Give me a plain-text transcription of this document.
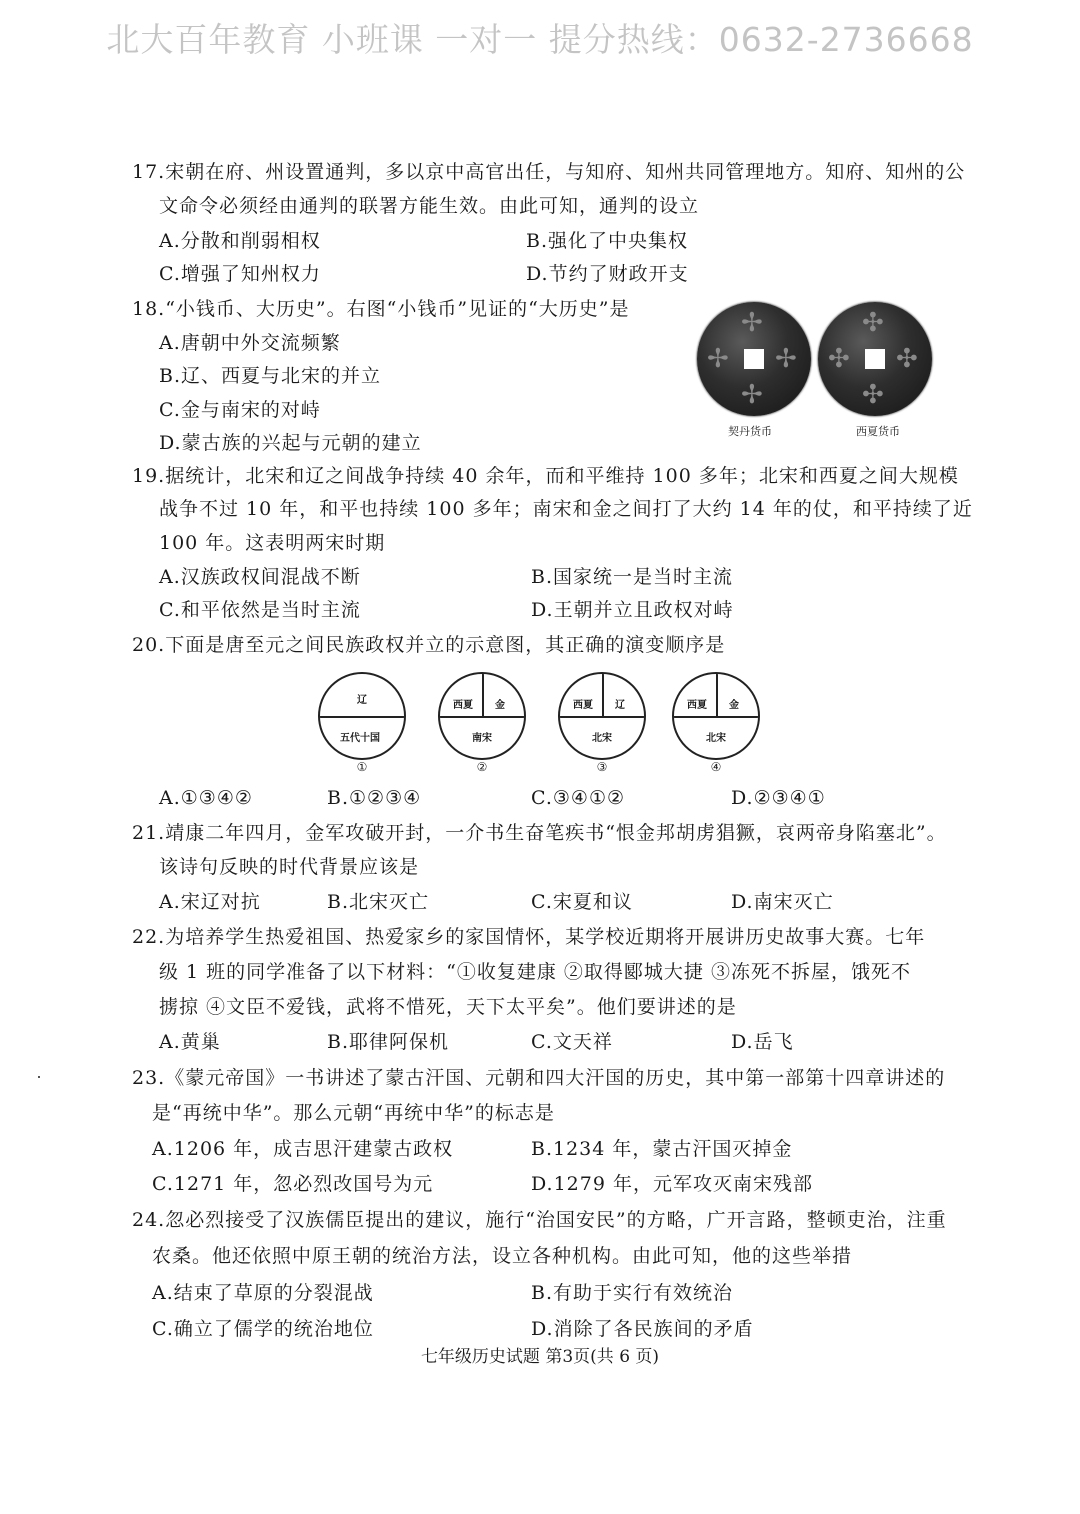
北大百年教育 小班课 一对一 提分热线：0632-2736668
17.宋朝在府、州设置通判，多以京中高官出任，与知府、知州共同管理地方。知府、知州的公
文命令必须经由通判的联署方能生效。由此可知，通判的设立
A.分散和削弱相权	B.强化了中央集权
C.增强了知州权力	D.节约了财政开支
18.“小钱币、大历史”。右图“小钱币”见证的“大历史”是
A.唐朝中外交流频繁
B.辽、西夏与北宋的并立
C.金与南宋的对峙
D.蒙古族的兴起与元朝的建立
✢
✢
✢ ✢
✣
✣
✣ ✣
契丹货币	西夏货币
19.据统计，北宋和辽之间战争持续 40 余年，而和平维持 100 多年；北宋和西夏之间大规模
战争不过 10 年，和平也持续 100 多年；南宋和金之间打了大约 14 年的仗，和平持续了近
100 年。这表明两宋时期
A.汉族政权间混战不断	B.国家统一是当时主流
C.和平依然是当时主流	D.王朝并立且政权对峙
20.下面是唐至元之间民族政权并立的示意图，其正确的演变顺序是
辽
五代十国
①
西夏 金
南宋
②
西夏 辽
北宋
③
西夏 金
北宋
④
A.①③④②	B.①②③④	C.③④①②	D.②③④①
21.靖康二年四月，金军攻破开封，一介书生奋笔疾书“恨金邦胡虏猖獗，哀两帝身陷塞北”。
该诗句反映的时代背景应该是
A.宋辽对抗	B.北宋灭亡	C.宋夏和议	D.南宋灭亡
22.为培养学生热爱祖国、热爱家乡的家国情怀，某学校近期将开展讲历史故事大赛。七年
级 1 班的同学准备了以下材料：“①收复建康 ②取得郾城大捷 ③冻死不拆屋，饿死不
掳掠 ④文臣不爱钱，武将不惜死，天下太平矣”。他们要讲述的是
A.黄巢	B.耶律阿保机	C.文天祥	D.岳飞
23.《蒙元帝国》一书讲述了蒙古汗国、元朝和四大汗国的历史，其中第一部第十四章讲述的
是“再统中华”。那么元朝“再统中华”的标志是
A.1206 年，成吉思汗建蒙古政权	B.1234 年，蒙古汗国灭掉金
C.1271 年，忽必烈改国号为元	D.1279 年，元军攻灭南宋残部
24.忽必烈接受了汉族儒臣提出的建议，施行“治国安民”的方略，广开言路，整顿吏治，注重
农桑。他还依照中原王朝的统治方法，设立各种机构。由此可知，他的这些举措
A.结束了草原的分裂混战	B.有助于实行有效统治
C.确立了儒学的统治地位	D.消除了各民族间的矛盾
七年级历史试题 第3页(共 6 页)
